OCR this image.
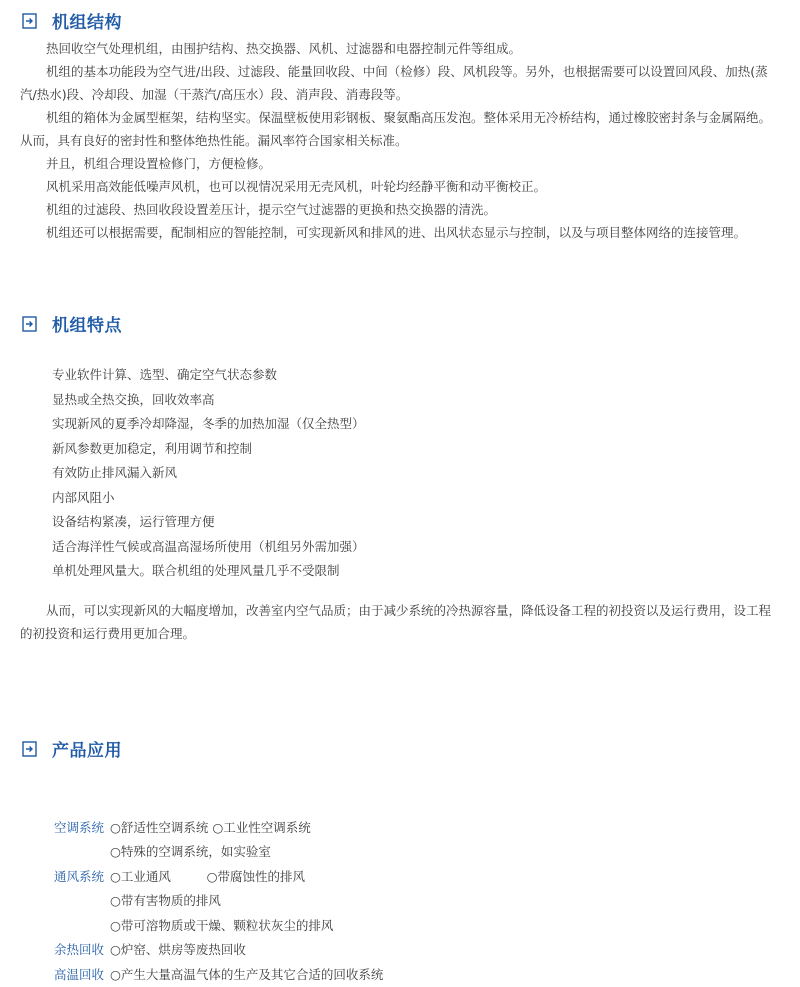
机组结构

热回收空气处理机组，由围护结构、热交换器、风机、过滤器和电器控制元件等组成。

机组的基本功能段为空气进/出段、过滤段、能量回收段、中间（检修）段、风机段等。另外，也根据需要可以设置回风段、加热(蒸汽/热水)段、冷却段、加湿（干蒸汽/高压水）段、消声段、消毒段等。

机组的箱体为金属型框架，结构坚实。保温壁板使用彩钢板、聚氨酯高压发泡。整体采用无冷桥结构，通过橡胶密封条与金属隔绝。从而，具有良好的密封性和整体绝热性能。漏风率符合国家相关标准。

并且，机组合理设置检修门，方便检修。

风机采用高效能低噪声风机，也可以视情况采用无壳风机，叶轮均经静平衡和动平衡校正。

机组的过滤段、热回收段设置差压计，提示空气过滤器的更换和热交换器的清洗。

机组还可以根据需要，配制相应的智能控制，可实现新风和排风的进、出风状态显示与控制，以及与项目整体网络的连接管理。

机组特点
专业软件计算、选型、确定空气状态参数
显热或全热交换，回收效率高
实现新风的夏季冷却降湿，冬季的加热加湿（仅全热型）
新风参数更加稳定，利用调节和控制
有效防止排风漏入新风
内部风阻小
设备结构紧凑，运行管理方便
适合海洋性气候或高温高湿场所使用（机组另外需加强）
单机处理风量大。联合机组的处理风量几乎不受限制

从而，可以实现新风的大幅度增加，改善室内空气品质；由于减少系统的冷热源容量，降低设备工程的初投资以及运行费用，设工程的初投资和运行费用更加合理。

产品应用

空调系统 ○舒适性空调系统 ○工业性空调系统

○特殊的空调系统，如实验室

通风系统 ○工业通风         ○带腐蚀性的排风

○带有害物质的排风

○带可溶物质或干燥、颗粒状灰尘的排风

余热回收 ○炉窑、烘房等废热回收

高温回收 ○产生大量高温气体的生产及其它合适的回收系统
